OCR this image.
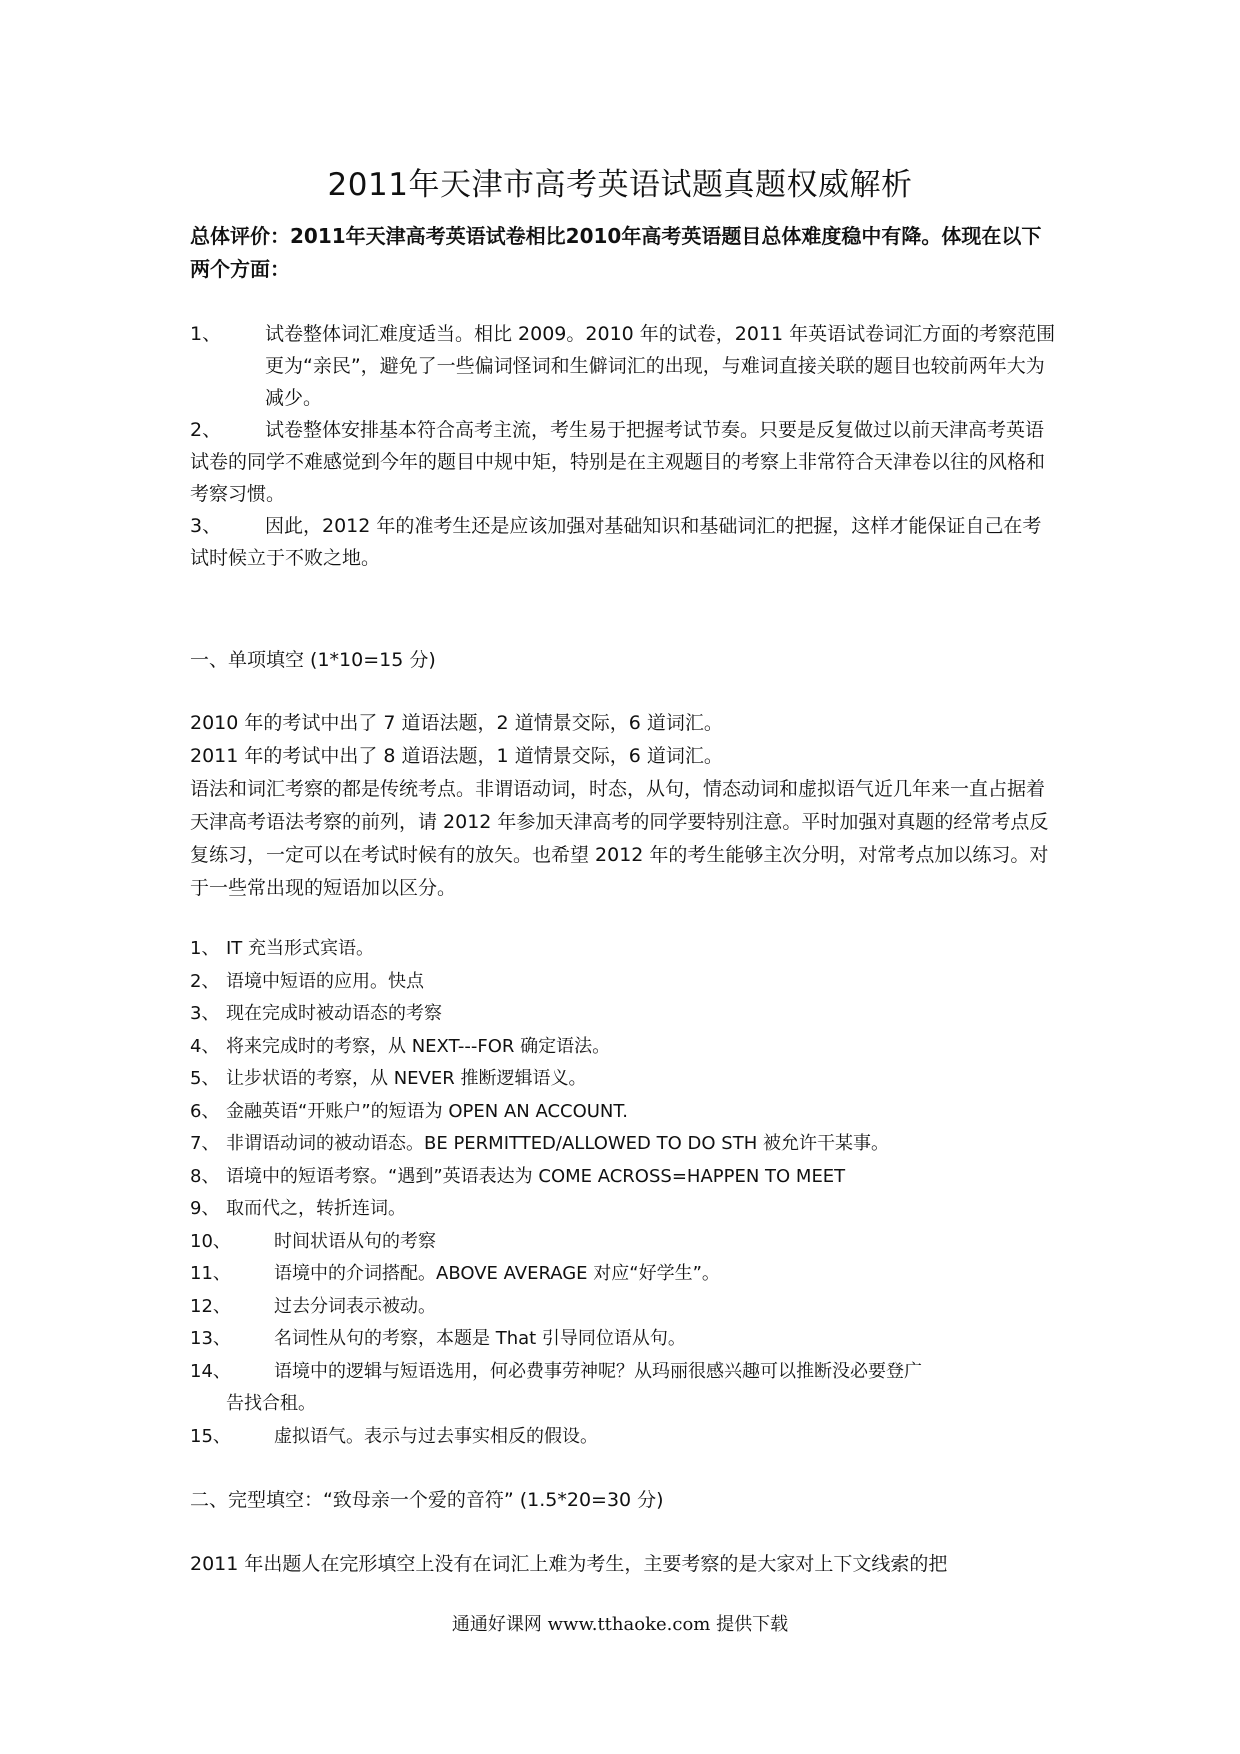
2011年天津市高考英语试题真题权威解析

总体评价：2011年天津高考英语试卷相比2010年高考英语题目总体难度稳中有降。体现在以下两个方面：

1、	试卷整体词汇难度适当。相比 2009。2010 年的试卷，2011 年英语试卷词汇方面的考察范围更为“亲民”，避免了一些偏词怪词和生僻词汇的出现，与难词直接关联的题目也较前两年大为减少。
2、	试卷整体安排基本符合高考主流，考生易于把握考试节奏。只要是反复做过以前天津高考英语试卷的同学不难感觉到今年的题目中规中矩，特别是在主观题目的考察上非常符合天津卷以往的风格和考察习惯。
3、	因此，2012 年的准考生还是应该加强对基础知识和基础词汇的把握，这样才能保证自己在考试时候立于不败之地。
一、单项填空 (1*10=15 分)

2010 年的考试中出了 7 道语法题，2 道情景交际，6 道词汇。

2011 年的考试中出了 8 道语法题，1 道情景交际，6 道词汇。

语法和词汇考察的都是传统考点。非谓语动词，时态，从句，情态动词和虚拟语气近几年来一直占据着天津高考语法考察的前列，请 2012 年参加天津高考的同学要特别注意。平时加强对真题的经常考点反复练习，一定可以在考试时候有的放矢。也希望 2012 年的考生能够主次分明，对常考点加以练习。对于一些常出现的短语加以区分。

1、 IT 充当形式宾语。
2、 语境中短语的应用。快点
3、 现在完成时被动语态的考察
4、 将来完成时的考察，从 NEXT---FOR 确定语法。
5、 让步状语的考察，从 NEVER 推断逻辑语义。
6、 金融英语“开账户”的短语为 OPEN AN ACCOUNT.
7、 非谓语动词的被动语态。BE PERMITTED/ALLOWED TO DO STH 被允许干某事。
8、 语境中的短语考察。“遇到”英语表达为 COME ACROSS=HAPPEN TO MEET
9、 取而代之，转折连词。
10、 时间状语从句的考察
11、 语境中的介词搭配。ABOVE AVERAGE 对应“好学生”。
12、 过去分词表示被动。
13、 名词性从句的考察，本题是 That 引导同位语从句。
14、 语境中的逻辑与短语选用，何必费事劳神呢？从玛丽很感兴趣可以推断没必要登广
告找合租。
15、 虚拟语气。表示与过去事实相反的假设。
二、完型填空：“致母亲一个爱的音符” (1.5*20=30 分)

2011 年出题人在完形填空上没有在词汇上难为考生，主要考察的是大家对上下文线索的把

通通好课网 www.tthaoke.com 提供下载
